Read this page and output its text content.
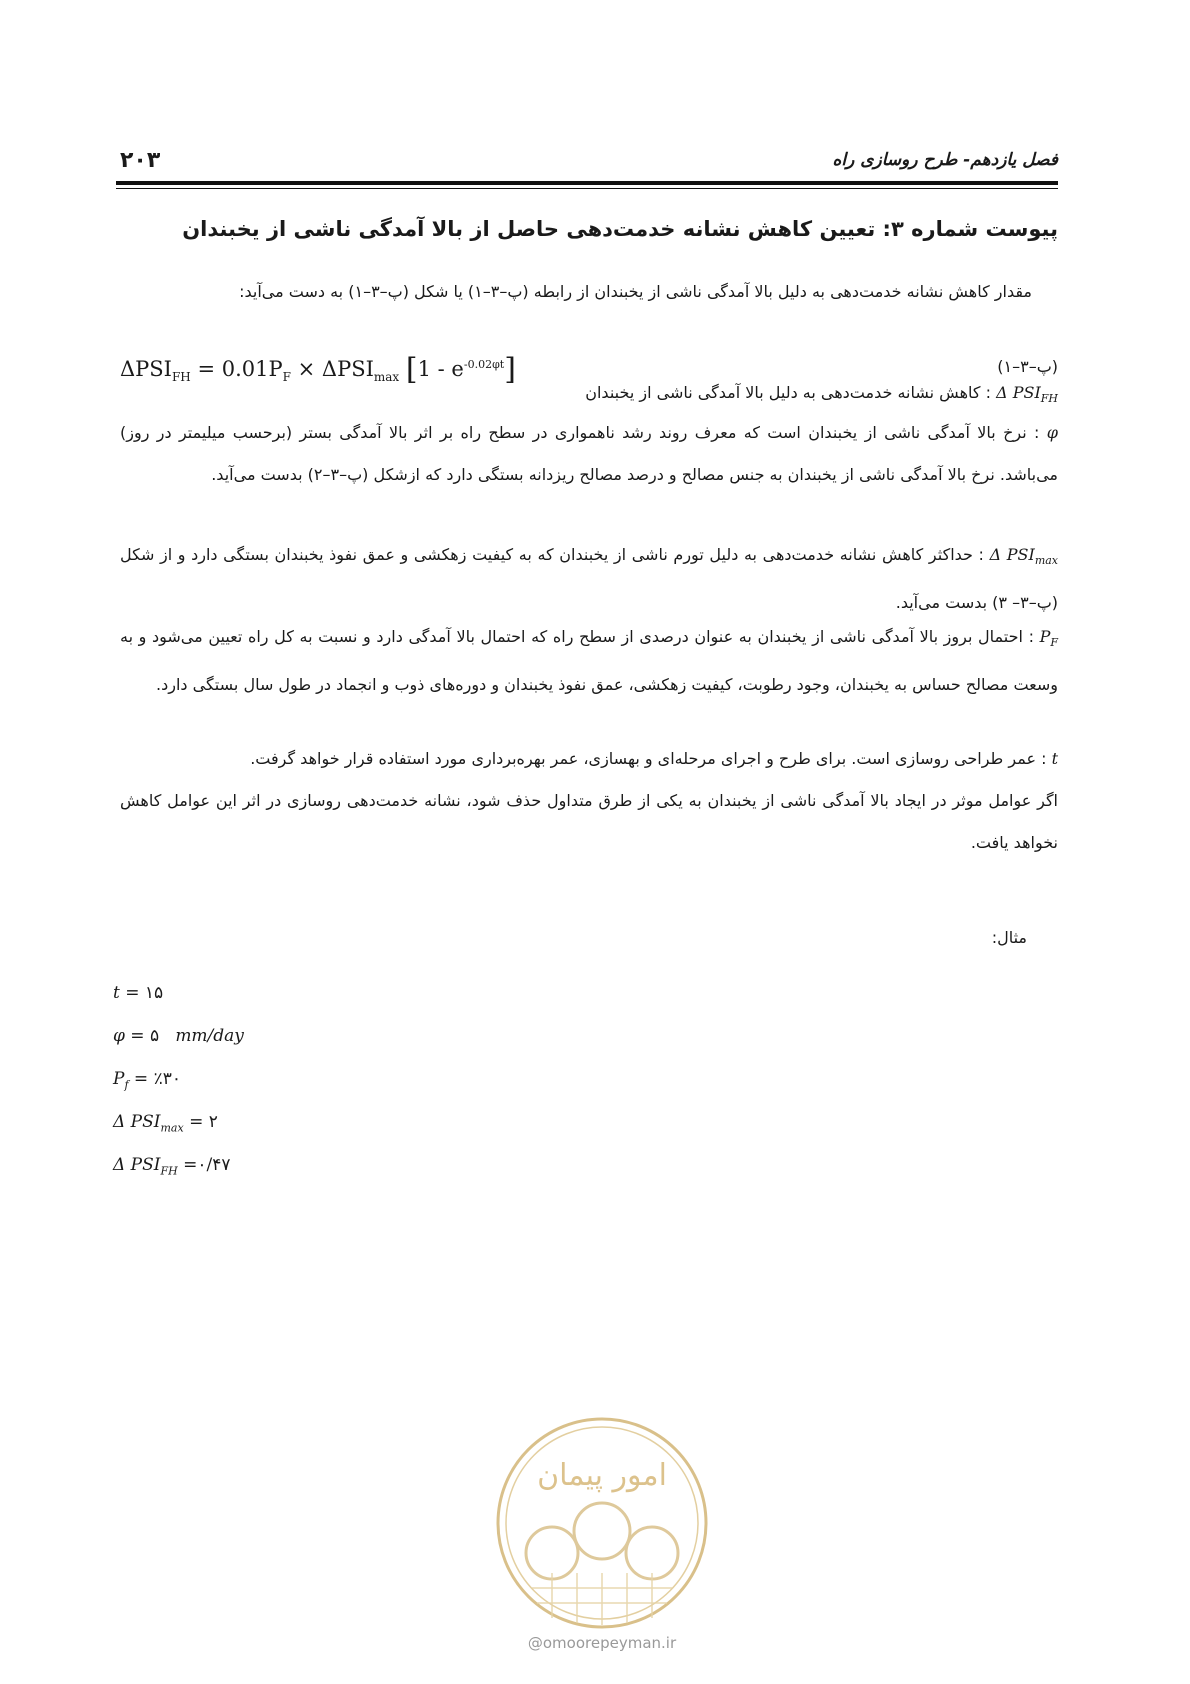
۲۰۳	فصل یازدهم- طرح روسازی راه
پیوست شماره ۳: تعیین کاهش نشانه خدمت‌دهی حاصل از بالا آمدگی ناشی از یخبندان
مقدار کاهش نشانه خدمت‌دهی به دلیل بالا آمدگی ناشی از یخبندان از رابطه (پ–۳–۱) یا شکل (پ–۳–۱) به دست می‌آید:
$\Delta PSI_{FH} = 0.01P_F \times \Delta PSI_{max}$ $[1 - e^{-0.02\varphi t}]$	(پ–۳–۱)
Δ $PSI_{FH}$ : کاهش نشانه خدمت‌دهی به دلیل بالا آمدگی ناشی از یخبندان
φ : نرخ بالا آمدگی ناشی از یخبندان است که معرف روند رشد ناهمواری در سطح راه بر اثر بالا آمدگی بستر (برحسب میلیمتر در روز) می‌باشد. نرخ بالا آمدگی ناشی از یخبندان به جنس مصالح و درصد مصالح ریزدانه بستگی دارد که ازشکل (پ–۳–۲) بدست می‌آید.
Δ $PSI_{max}$ : حداکثر کاهش نشانه خدمت‌دهی به دلیل تورم ناشی از یخبندان که به کیفیت زهکشی و عمق نفوذ یخبندان بستگی دارد و از شکل (پ–۳– ۳) بدست می‌آید.
$P_F$ : احتمال بروز بالا آمدگی ناشی از یخبندان به عنوان درصدی از سطح راه که احتمال بالا آمدگی دارد و نسبت به کل راه تعیین می‌شود و به وسعت مصالح حساس به یخبندان، وجود رطوبت، کیفیت زهکشی، عمق نفوذ یخبندان و دوره‌های ذوب و انجماد در طول سال بستگی دارد.
t : عمر طراحی روسازی است. برای طرح و اجرای مرحله‌ای و بهسازی، عمر بهره‌برداری مورد استفاده قرار خواهد گرفت.
اگر عوامل موثر در ایجاد بالا آمدگی ناشی از یخبندان به یکی از طرق متداول حذف شود، نشانه خدمت‌دهی روسازی در اثر این عوامل کاهش نخواهد یافت.
مثال:
t = ۱۵
φ = ۵ mm/day
$P_f$ = ٪۳۰
Δ $PSI_{max}$ = ۲
Δ $PSI_{FH}$ =۰/۴۷
امور پیمان
@omoorepeyman.ir
